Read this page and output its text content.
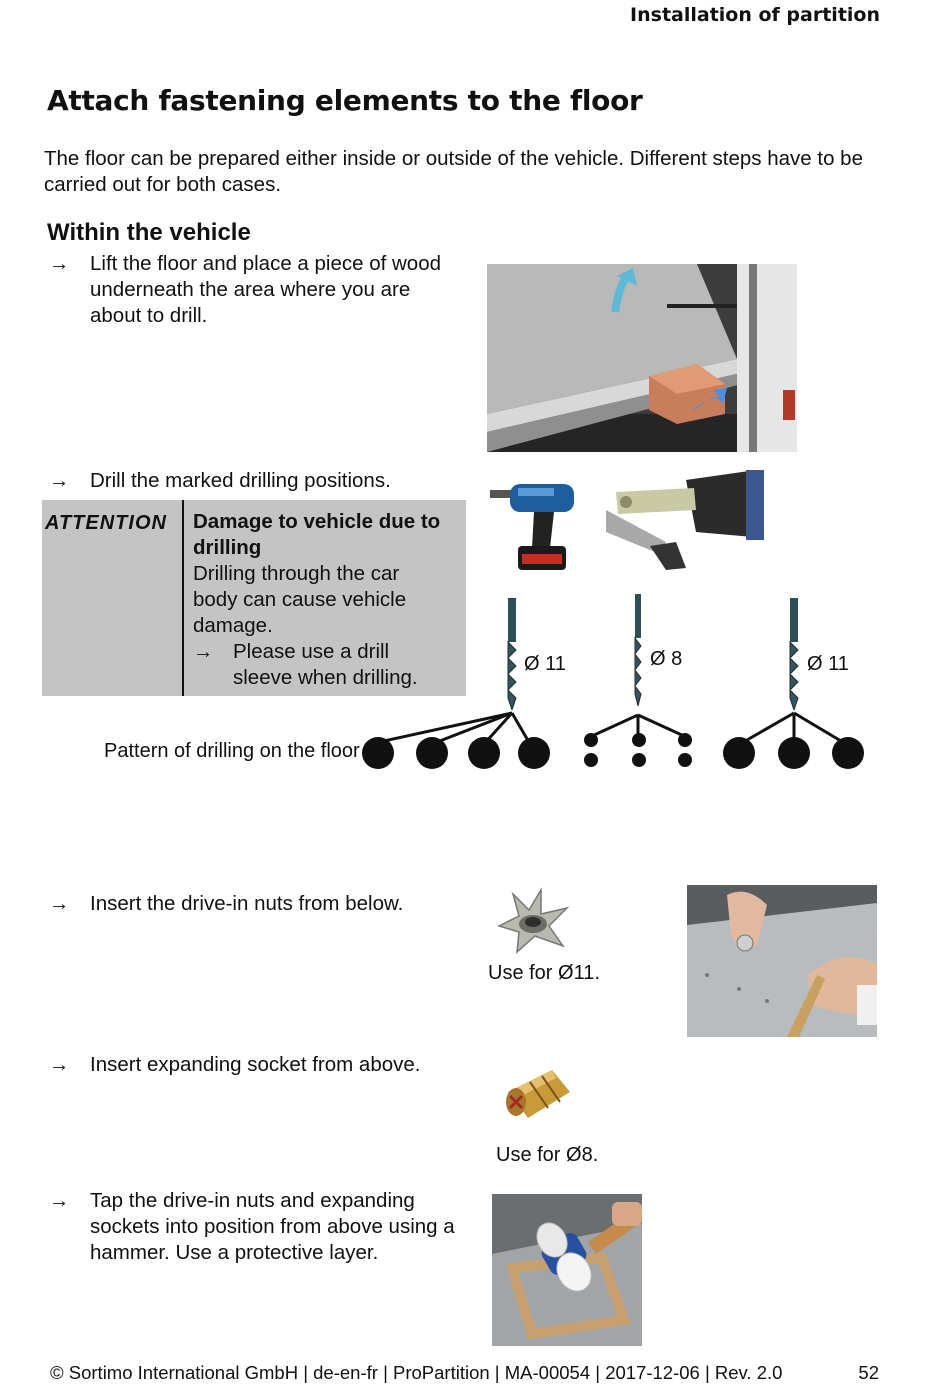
Installation of partition
Attach fastening elements to the floor
The floor can be prepared either inside or outside of the vehicle. Different steps have to be carried out for both cases.
Within the vehicle
→ Lift the floor and place a piece of wood
underneath the area where you are
about to drill.
→ Drill the marked drilling positions.
ATTENTION Damage to vehicle due to
drilling
Drilling through the car
body can cause vehicle
damage.
→ Please use a drill
sleeve when drilling.
Ø 11	Ø 8	Ø 11
Pattern of drilling on the floor
→ Insert the drive-in nuts from below.
Use for Ø11.
→ Insert expanding socket from above.
Use for Ø8.
→ Tap the drive-in nuts and expanding
sockets into position from above using a
hammer. Use a protective layer.
© Sortimo International GmbH | de-en-fr | ProPartition | MA-00054 | 2017-12-06 | Rev. 2.0	52
